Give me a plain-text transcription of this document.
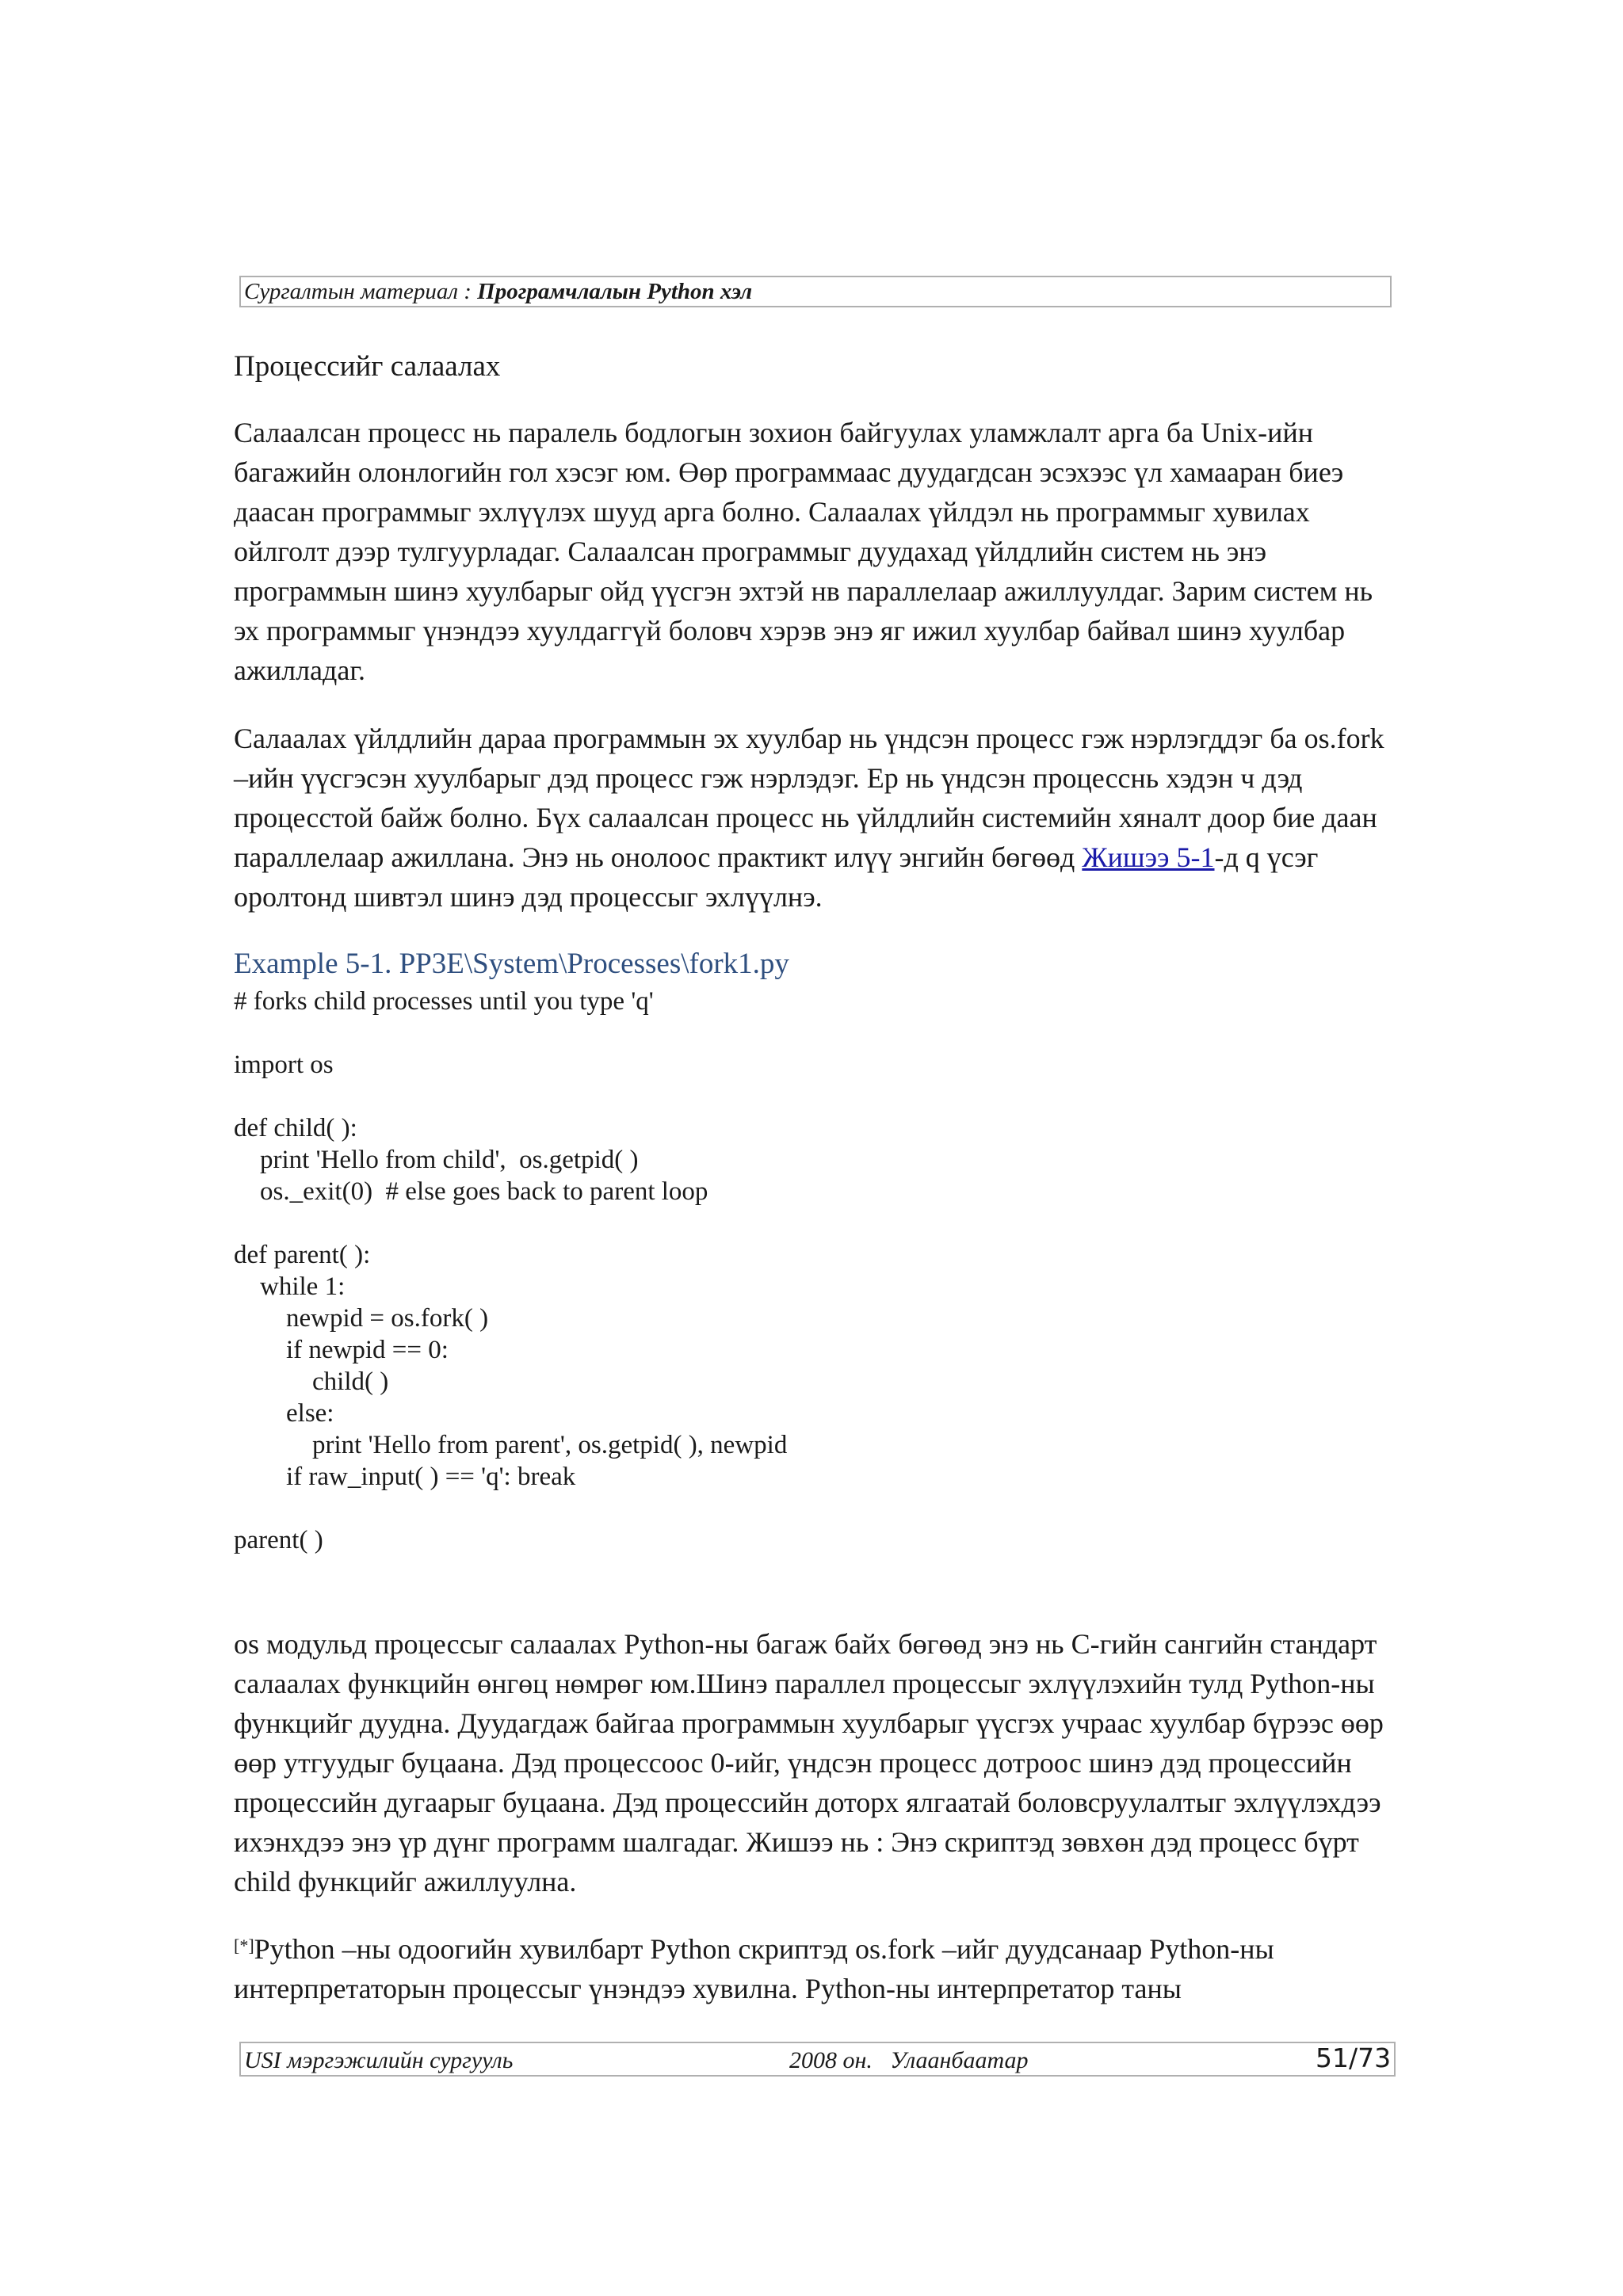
Сургалтын материал : Програмчлалын Python хэл
Процессийг салаалах

Салаалсан процесс нь паралель бодлогын зохион байгуулах уламжлалт арга ба Unix-ийн багажийн олонлогийн гол хэсэг юм. Өөр программаас дуудагдсан эсэхээс үл хамааран биеэ даасан программыг эхлүүлэх шууд арга болно. Салаалах үйлдэл нь программыг хувилах ойлголт дээр тулгуурладаг. Салаалсан программыг дуудахад үйлдлийн систем нь энэ программын шинэ хуулбарыг ойд үүсгэн эхтэй нв параллелаар ажиллуулдаг. Зарим систем нь эх программыг үнэндээ хуулдаггүй боловч хэрэв энэ яг ижил хуулбар байвал шинэ хуулбар ажилладаг.

Салаалах үйлдлийн дараа программын эх хуулбар нь үндсэн процесс гэж нэрлэгддэг ба os.fork –ийн үүсгэсэн хуулбарыг дэд процесс гэж нэрлэдэг. Ер нь үндсэн процесснь хэдэн ч дэд процесстой байж болно. Бүх салаалсан процесс нь үйлдлийн системийн хяналт доор бие даан параллелаар ажиллана. Энэ нь онолоос практикт илүү энгийн бөгөөд Жишээ 5-1-д q үсэг оролтонд шивтэл шинэ дэд процессыг эхлүүлнэ.

Example 5-1. PP3E\System\Processes\fork1.py
# forks child processes until you type 'q'
import os
def child( ):
print 'Hello from child',  os.getpid( )
os._exit(0)  # else goes back to parent loop
def parent( ):
while 1:
newpid = os.fork( )
if newpid == 0:
child( )
else:
print 'Hello from parent', os.getpid( ), newpid
if raw_input( ) == 'q': break
parent( )

os модульд процессыг салаалах Python-ны багаж байх бөгөөд энэ нь C-гийн сангийн стандарт салаалах функцийн өнгөц нөмрөг юм.Шинэ параллел процессыг эхлүүлэхийн тулд Python-ны функцийг дуудна. Дуудагдаж байгаа программын хуулбарыг үүсгэх учраас хуулбар бүрээс өөр өөр утгуудыг буцаана. Дэд процессоос 0-ийг, үндсэн процесс дотроос шинэ дэд процессийн процессийн дугаарыг буцаана. Дэд процессийн доторх ялгаатай боловсруулалтыг эхлүүлэхдээ ихэнхдээ энэ үр дүнг программ шалгадаг. Жишээ нь : Энэ скриптэд зөвхөн дэд процесс бүрт child функцийг ажиллуулна.

[*]Python –ны одоогийн хувилбарт Python скриптэд os.fork –ийг дуудсанаар Python-ны интерпретаторын процессыг үнэндээ хувилна. Python-ны интерпретатор таны

USI мэргэжилийн сургууль	2008 он.   Улаанбаатар	51/73
